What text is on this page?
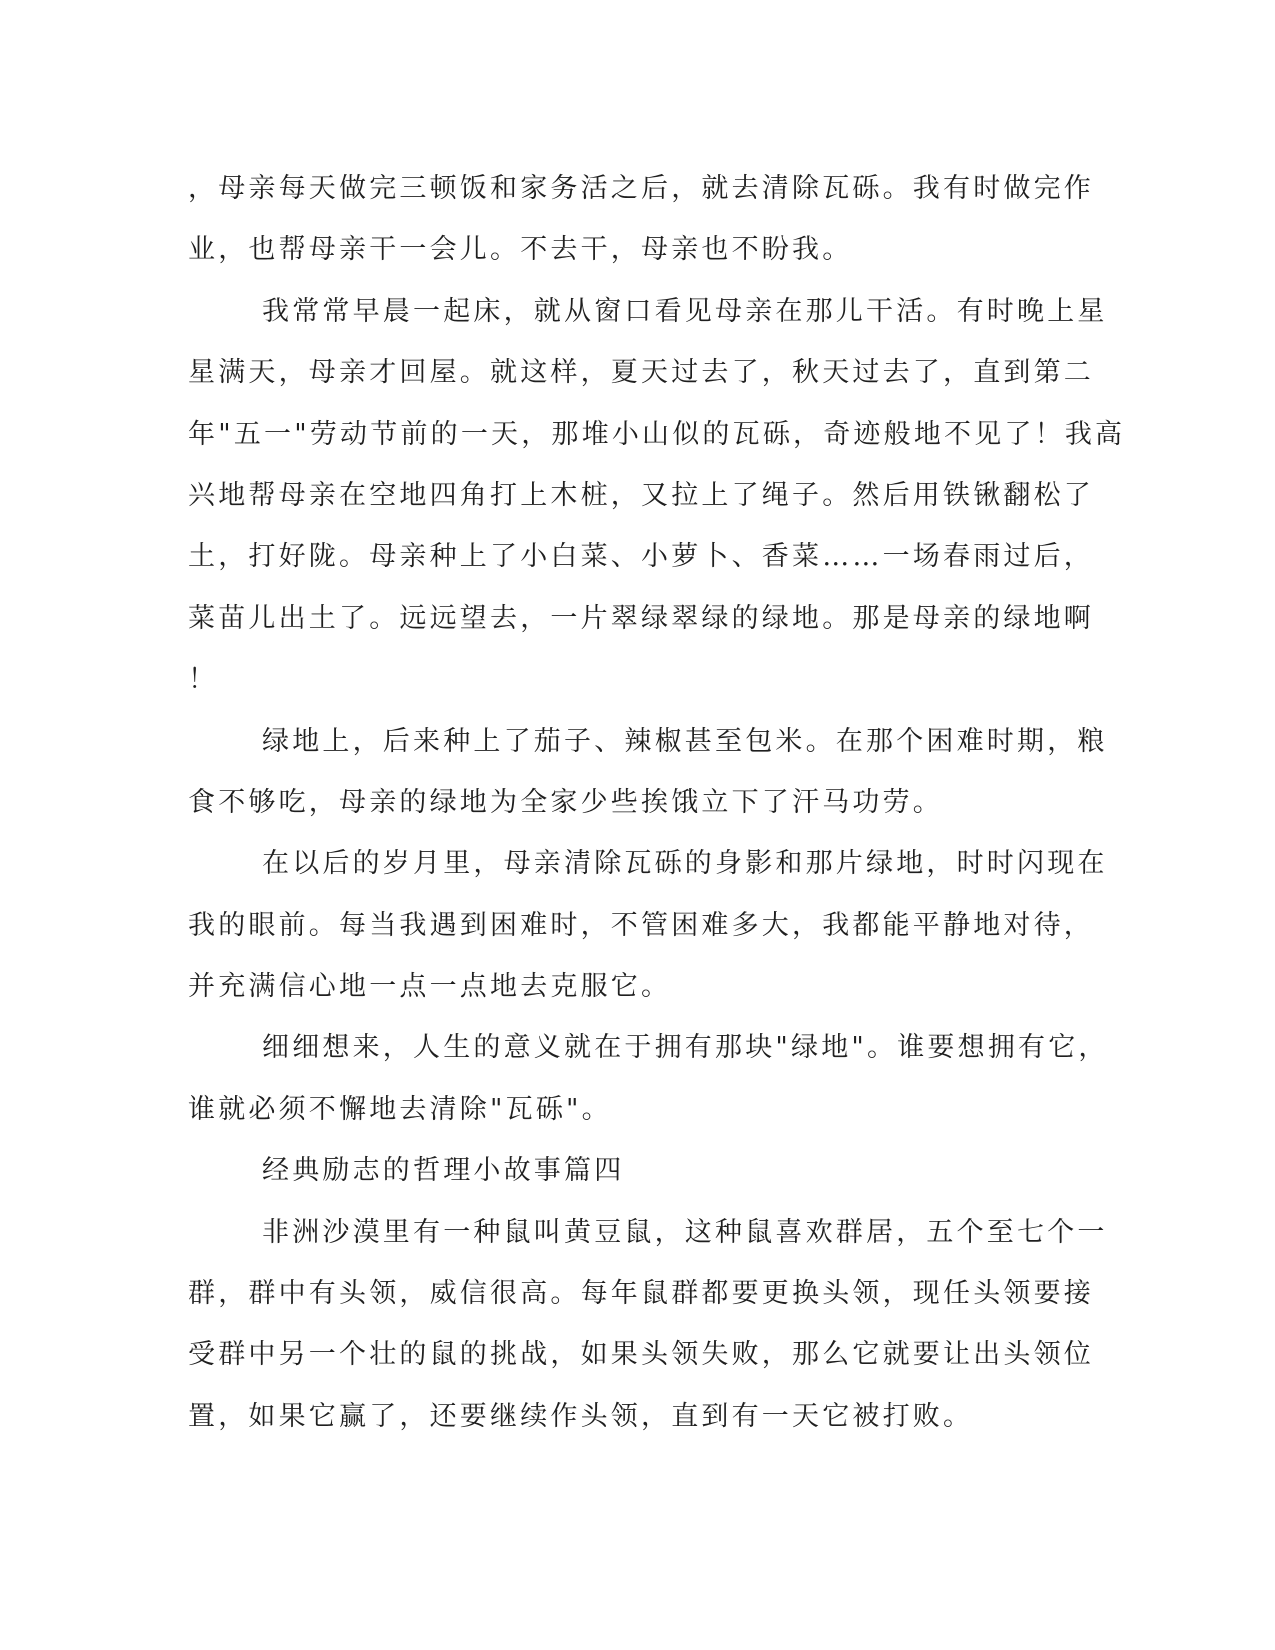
，母亲每天做完三顿饭和家务活之后，就去清除瓦砾。我有时做完作
业，也帮母亲干一会儿。不去干，母亲也不盼我。
我常常早晨一起床，就从窗口看见母亲在那儿干活。有时晚上星
星满天，母亲才回屋。就这样，夏天过去了，秋天过去了，直到第二
年"五一"劳动节前的一天，那堆小山似的瓦砾，奇迹般地不见了！我高
兴地帮母亲在空地四角打上木桩，又拉上了绳子。然后用铁锹翻松了
土，打好陇。母亲种上了小白菜、小萝卜、香菜……一场春雨过后，
菜苗儿出土了。远远望去，一片翠绿翠绿的绿地。那是母亲的绿地啊
！
绿地上，后来种上了茄子、辣椒甚至包米。在那个困难时期，粮
食不够吃，母亲的绿地为全家少些挨饿立下了汗马功劳。
在以后的岁月里，母亲清除瓦砾的身影和那片绿地，时时闪现在
我的眼前。每当我遇到困难时，不管困难多大，我都能平静地对待，
并充满信心地一点一点地去克服它。
细细想来，人生的意义就在于拥有那块"绿地"。谁要想拥有它，
谁就必须不懈地去清除"瓦砾"。
经典励志的哲理小故事篇四
非洲沙漠里有一种鼠叫黄豆鼠，这种鼠喜欢群居，五个至七个一
群，群中有头领，威信很高。每年鼠群都要更换头领，现任头领要接
受群中另一个壮的鼠的挑战，如果头领失败，那么它就要让出头领位
置，如果它赢了，还要继续作头领，直到有一天它被打败。
